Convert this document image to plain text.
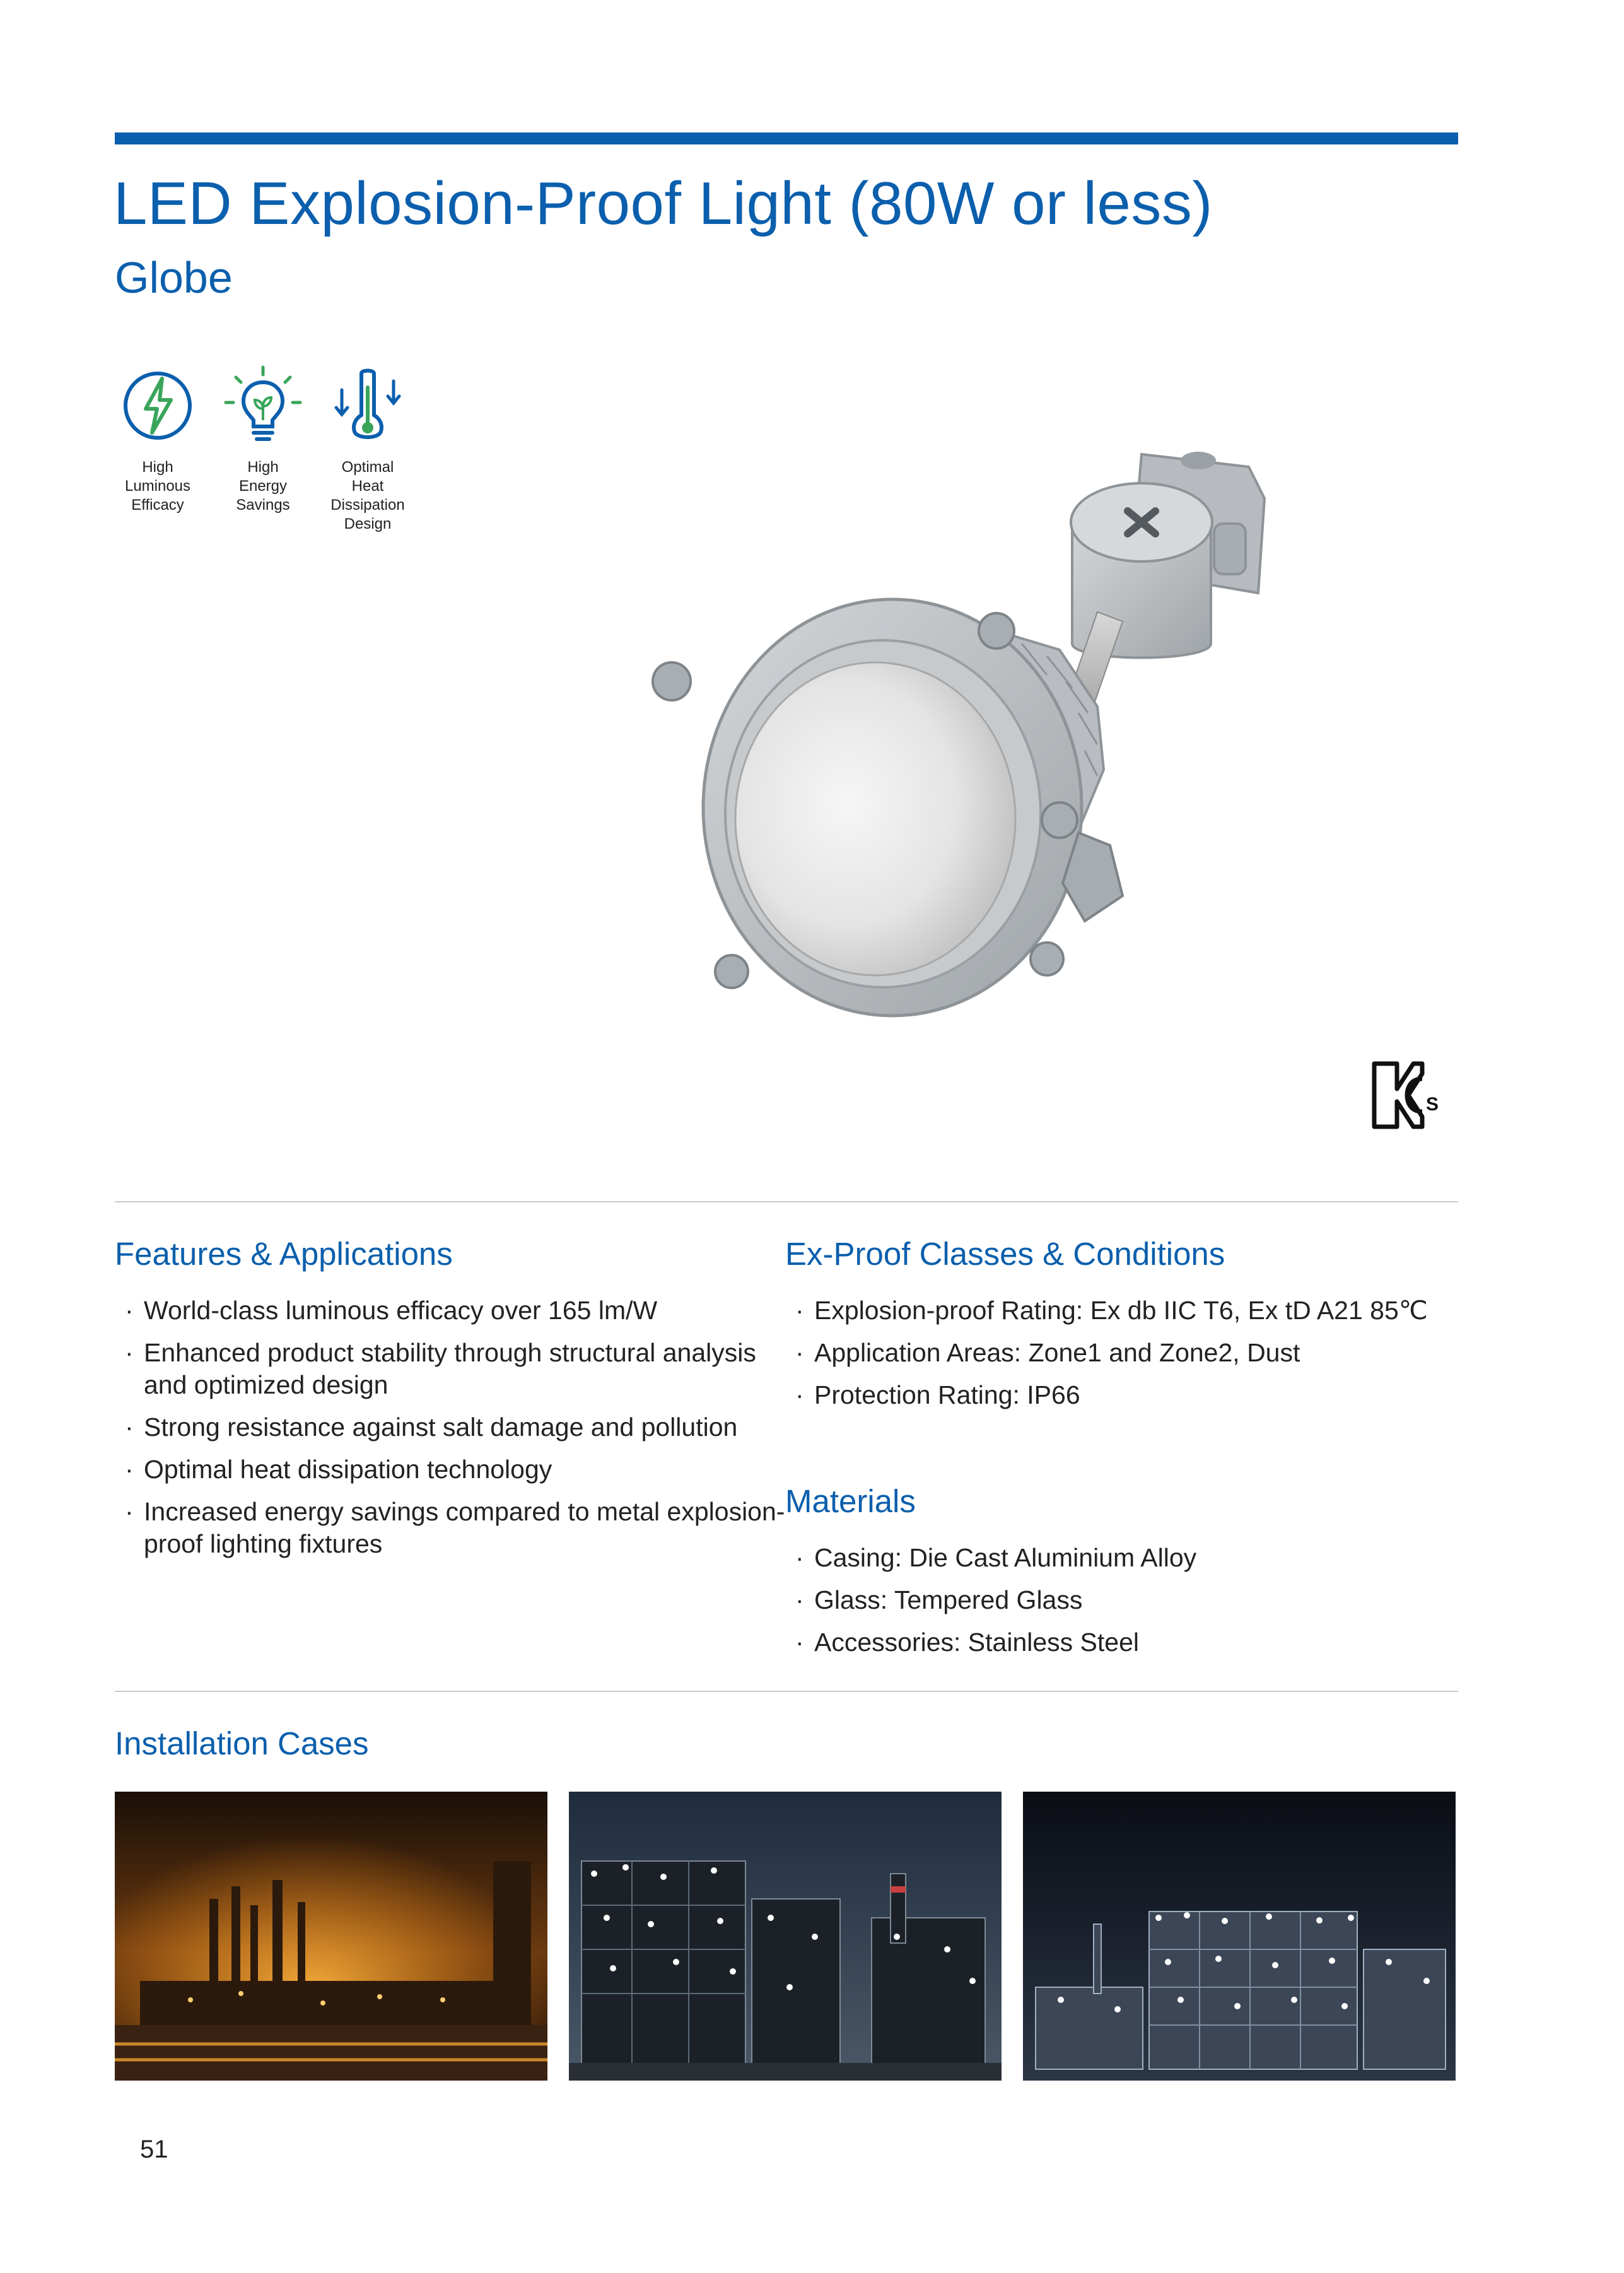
LED Explosion-Proof Light (80W or less)
Globe
High
Luminous
Efficacy
High
Energy
Savings
Optimal
Heat
Dissipation
Design
S
Features & Applications
· World-class luminous efficacy over 165 lm/W
· Enhanced product stability through structural analysis and optimized design
· Strong resistance against salt damage and pollution
· Optimal heat dissipation technology
· Increased energy savings compared to metal explosion-proof lighting fixtures
Ex-Proof Classes & Conditions
· Explosion-proof Rating: Ex db IIC T6, Ex tD A21 85℃
· Application Areas: Zone1 and Zone2, Dust
· Protection Rating: IP66
Materials
· Casing: Die Cast Aluminium Alloy
· Glass: Tempered Glass
· Accessories: Stainless Steel
Installation Cases
51
